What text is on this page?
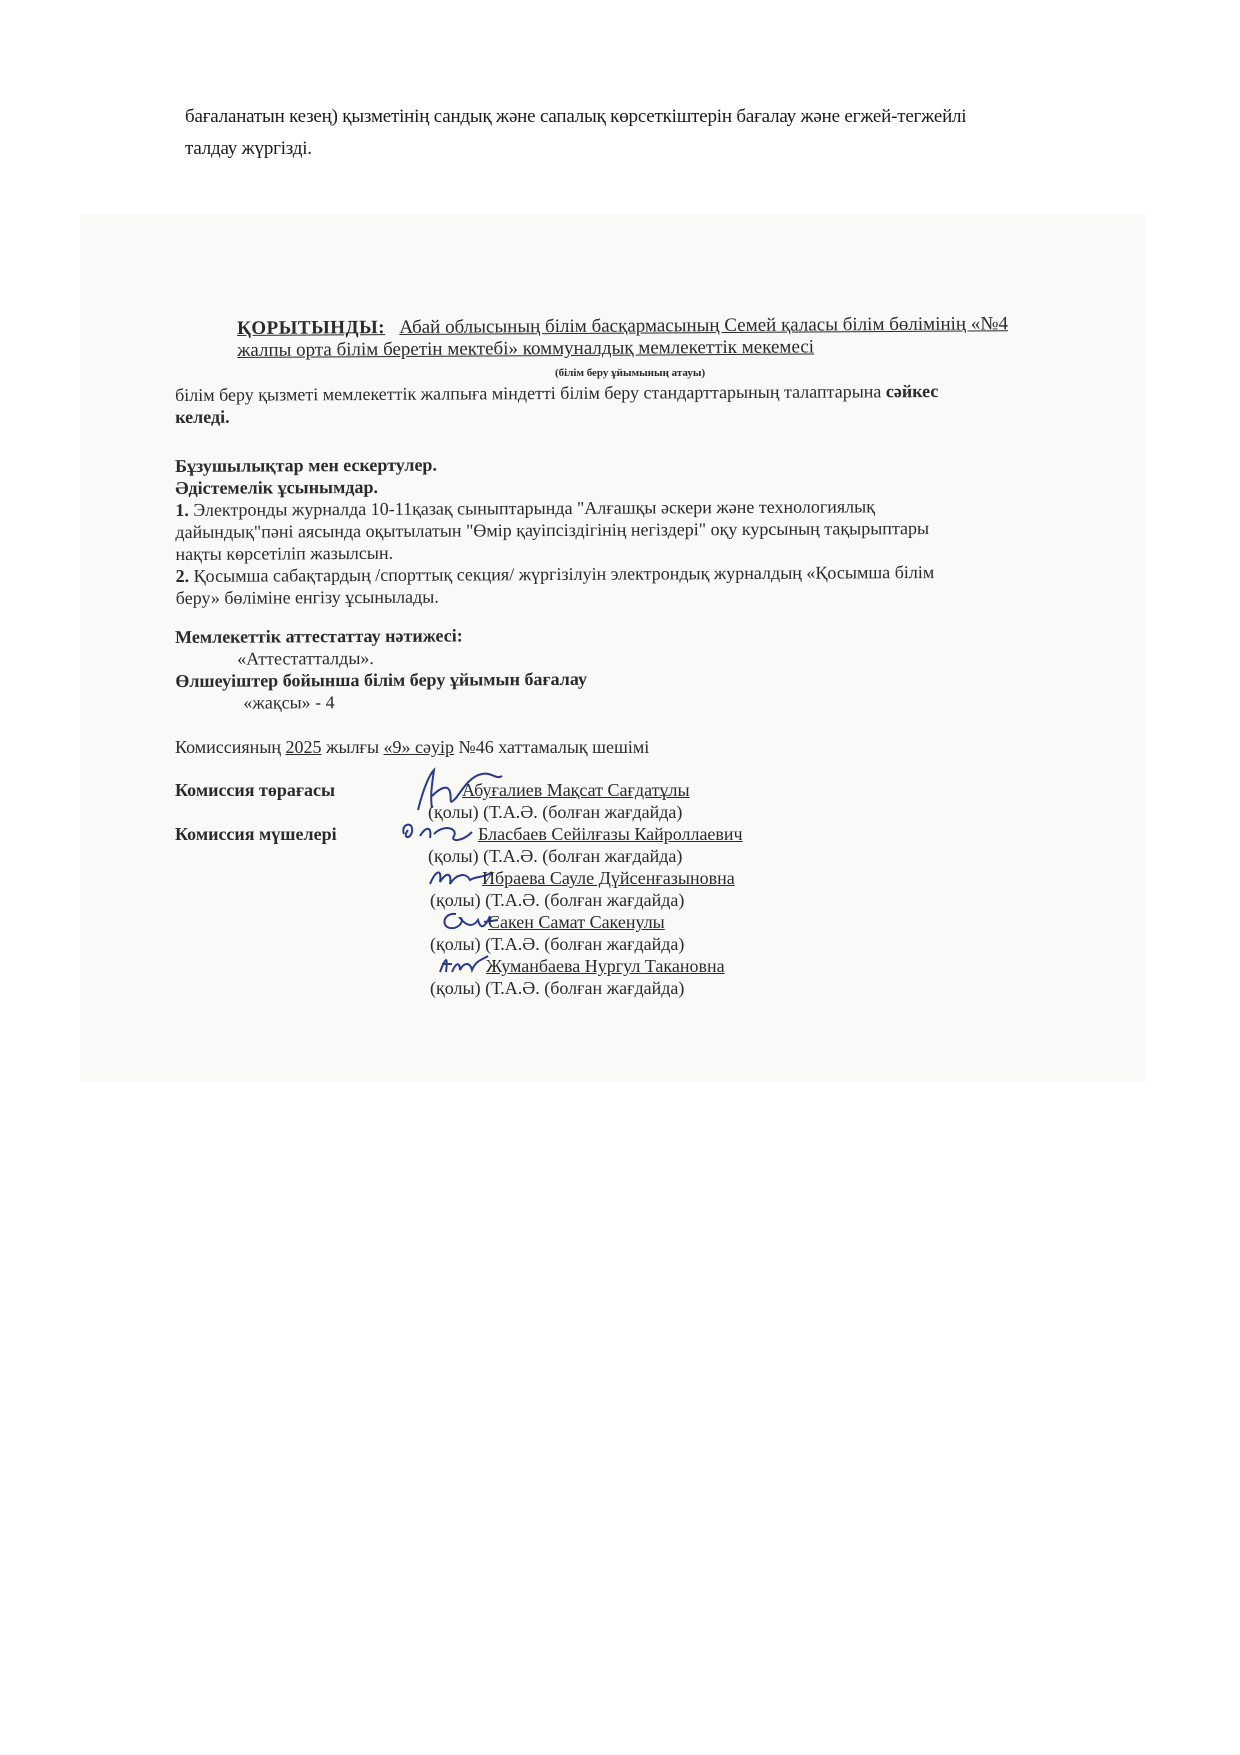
бағаланатын кезең) қызметінің сандық және сапалық көрсеткіштерін бағалау және егжей-тегжейлі
талдау жүргізді.
ҚОРЫТЫНДЫ: Абай облысының білім басқармасының Семей қаласы білім бөлімінің «№4
жалпы орта білім беретін мектебі» коммуналдық мемлекеттік мекемесі
(білім беру ұйымының атауы)
білім беру қызметі мемлекеттік жалпыға міндетті білім беру стандарттарының талаптарына сәйкес
келеді.
Бұзушылықтар мен ескертулер.
Әдістемелік ұсынымдар.
1. Электронды журналда 10-11қазақ сыныптарында "Алғашқы әскери және технологиялық
дайындық"пәні аясында оқытылатын "Өмір қауіпсіздігінің негіздері" оқу курсының тақырыптары
нақты көрсетіліп жазылсын.
2. Қосымша сабақтардың /спорттық секция/ жүргізілуін электрондық журналдың «Қосымша білім
беру» бөліміне енгізу ұсынылады.
Мемлекеттік аттестаттау нәтижесі:
«Аттестатталды».
Өлшеуіштер бойынша білім беру ұйымын бағалау
«жақсы» - 4
Комиссияның 2025 жылғы «9» сәуір №46 хаттамалық шешімі
Комиссия төрағасы	Абуғалиев Мақсат Сағдатұлы
(қолы) (Т.А.Ә. (болған жағдайда)
Комиссия мүшелері	Бласбаев Сейілғазы Кайроллаевич
(қолы) (Т.А.Ә. (болған жағдайда)
Ибраева Сауле Дүйсенғазыновна
(қолы) (Т.А.Ә. (болған жағдайда)
Сакен Самат Сакенулы
(қолы) (Т.А.Ә. (болған жағдайда)
Жуманбаева Нургул Такановна
(қолы) (Т.А.Ә. (болған жағдайда)
